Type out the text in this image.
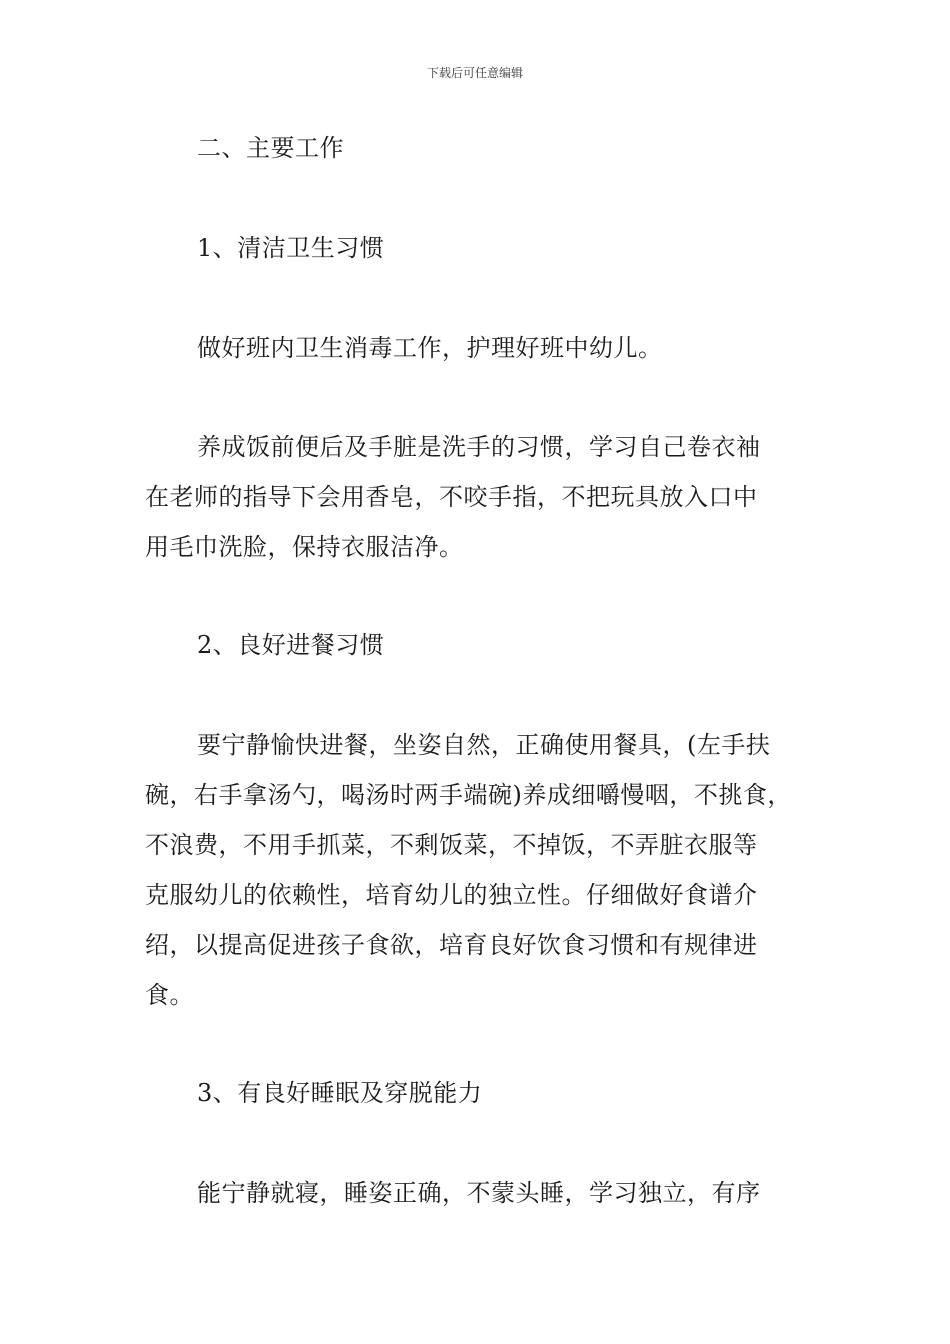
下载后可任意编辑
二、主要工作
1、清洁卫生习惯
做好班内卫生消毒工作，护理好班中幼儿。
养成饭前便后及手脏是洗手的习惯，学习自己卷衣袖
在老师的指导下会用香皂，不咬手指，不把玩具放入口中
用毛巾洗脸，保持衣服洁净。
2、良好进餐习惯
要宁静愉快进餐，坐姿自然，正确使用餐具，(左手扶
碗，右手拿汤勺，喝汤时两手端碗)养成细嚼慢咽，不挑食，
不浪费，不用手抓菜，不剩饭菜，不掉饭，不弄脏衣服等
克服幼儿的依赖性，培育幼儿的独立性。仔细做好食谱介
绍，以提高促进孩子食欲，培育良好饮食习惯和有规律进
食。
3、有良好睡眠及穿脱能力
能宁静就寝，睡姿正确，不蒙头睡，学习独立，有序
